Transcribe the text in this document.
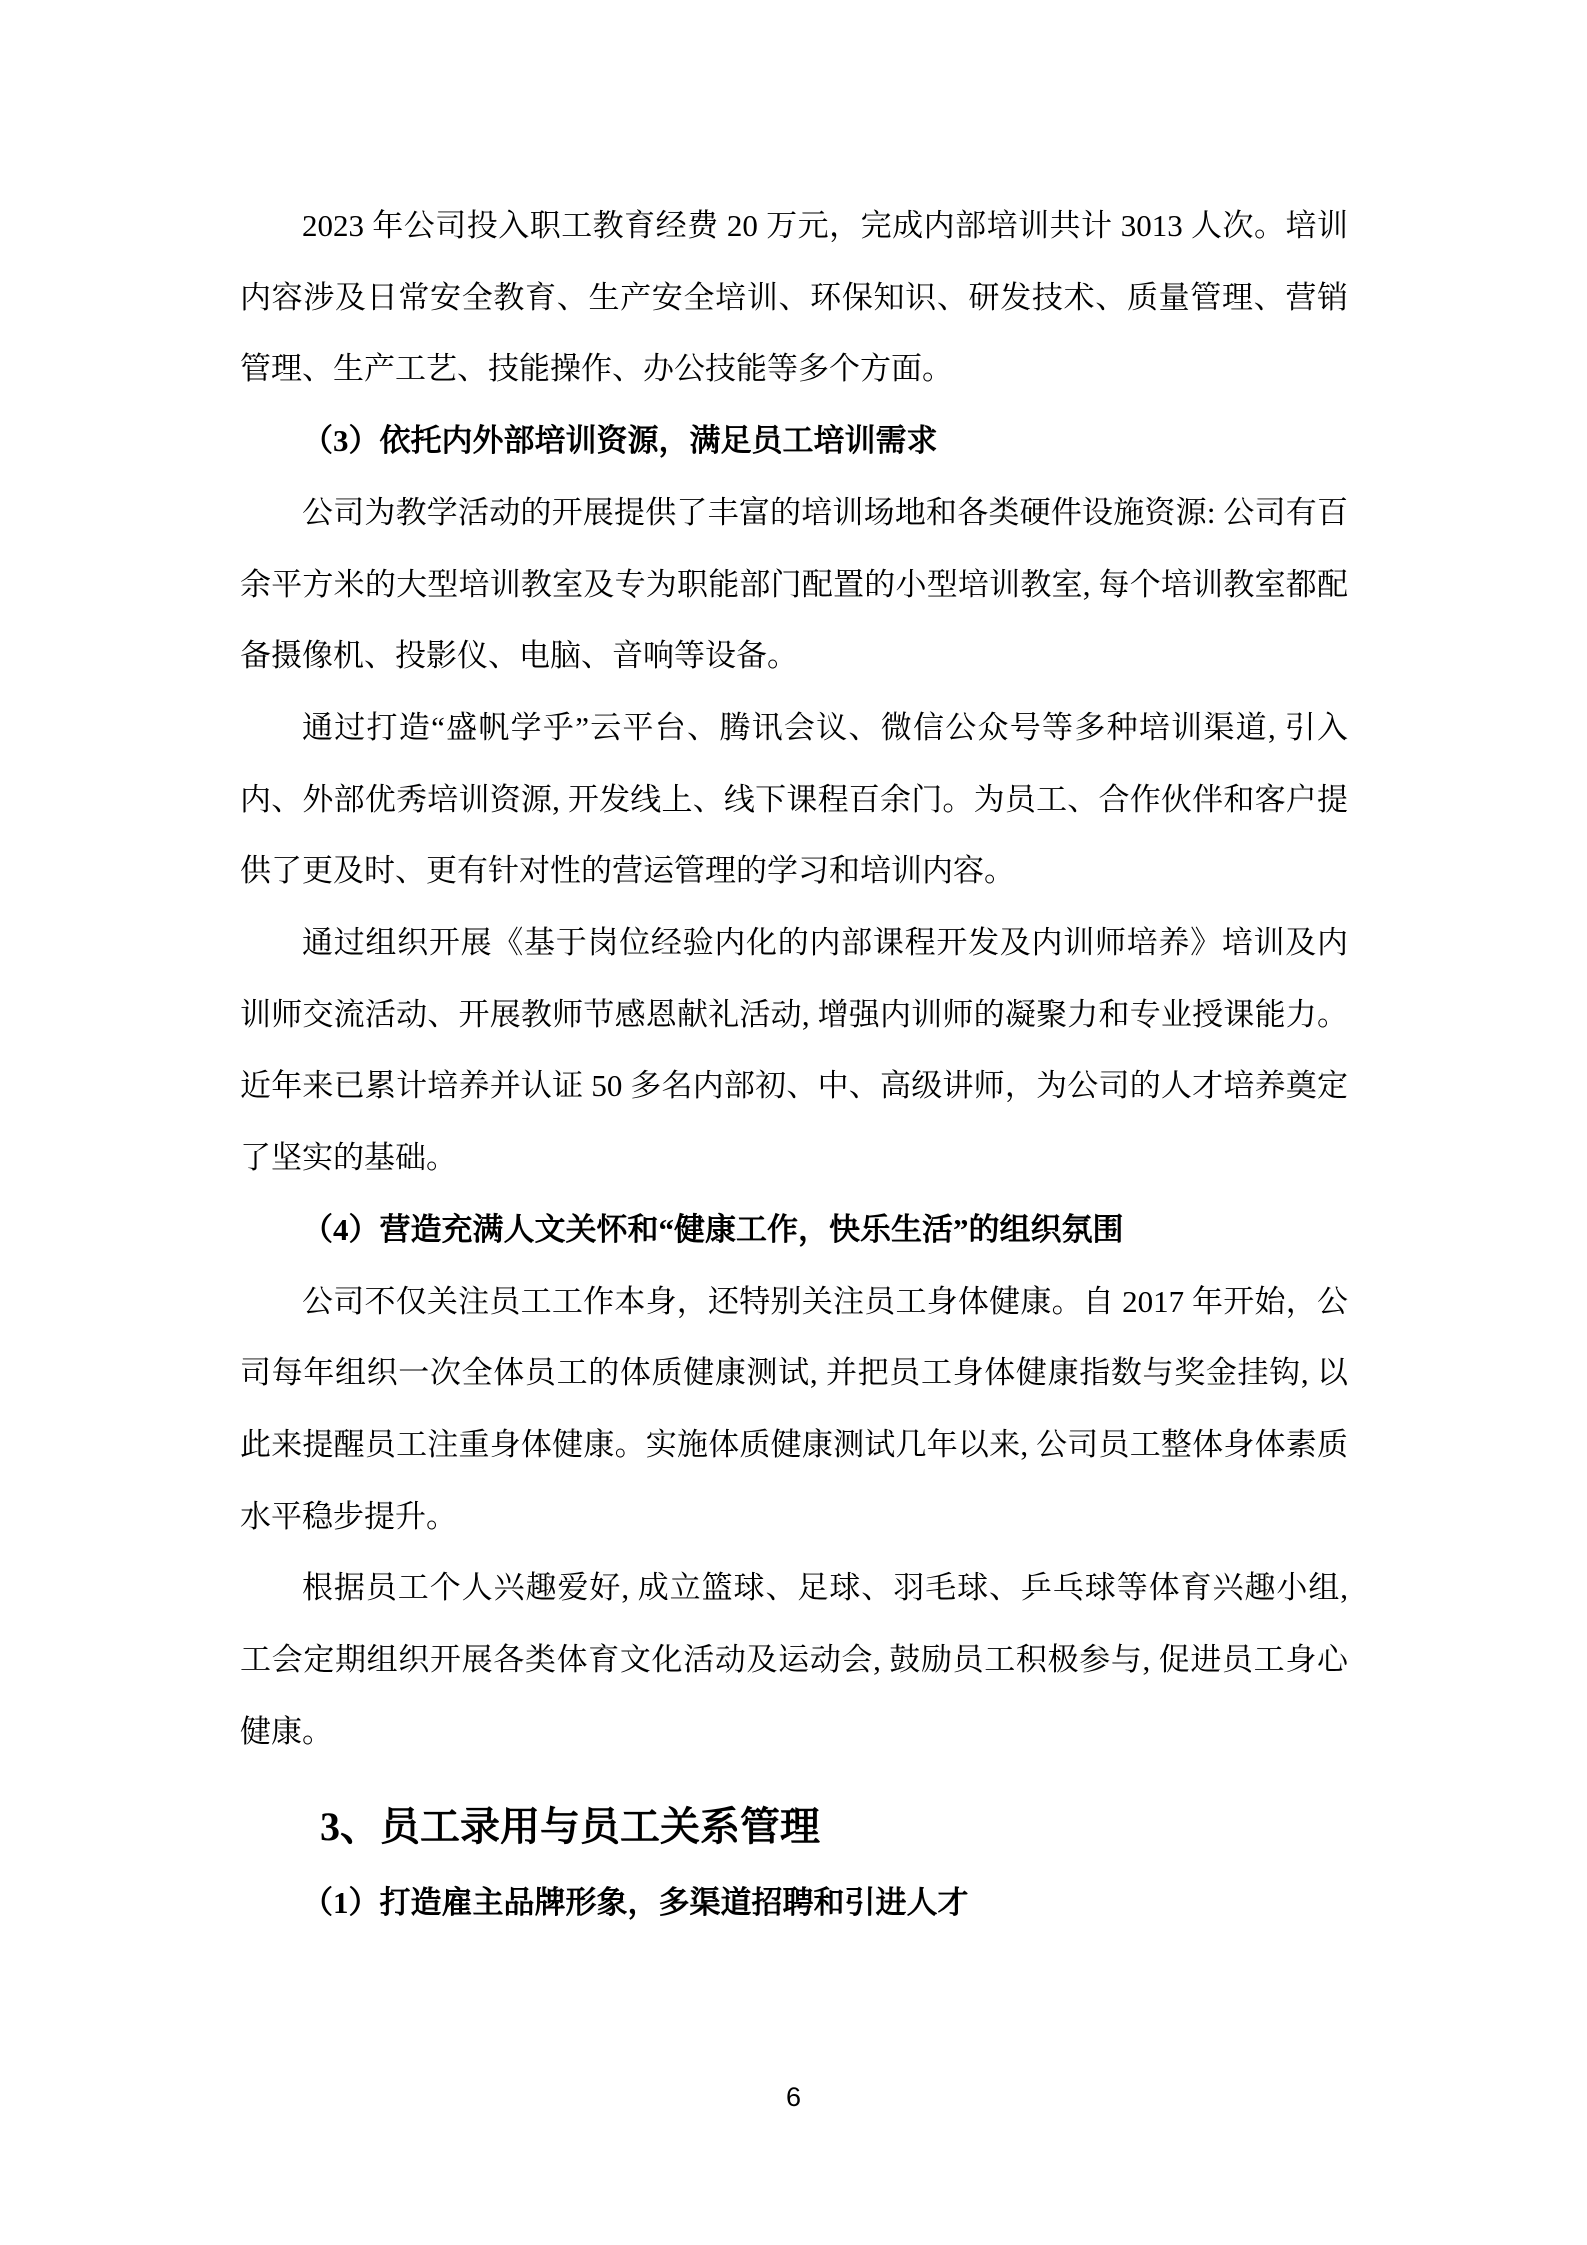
2023 年公司投入职工教育经费 20 万元，完成内部培训共计 3013 人次。培训内容涉及日常安全教育、生产安全培训、环保知识、研发技术、质量管理、营销管理、生产工艺、技能操作、办公技能等多个方面。

（3）依托内外部培训资源，满足员工培训需求

公司为教学活动的开展提供了丰富的培训场地和各类硬件设施资源: 公司有百余平方米的大型培训教室及专为职能部门配置的小型培训教室, 每个培训教室都配备摄像机、投影仪、电脑、音响等设备。

通过打造“盛帆学乎”云平台、腾讯会议、微信公众号等多种培训渠道, 引入内、外部优秀培训资源, 开发线上、线下课程百余门。为员工、合作伙伴和客户提供了更及时、更有针对性的营运管理的学习和培训内容。

通过组织开展《基于岗位经验内化的内部课程开发及内训师培养》培训及内训师交流活动、开展教师节感恩献礼活动, 增强内训师的凝聚力和专业授课能力。近年来已累计培养并认证 50 多名内部初、中、高级讲师，为公司的人才培养奠定了坚实的基础。

（4）营造充满人文关怀和“健康工作，快乐生活”的组织氛围

公司不仅关注员工工作本身，还特别关注员工身体健康。自 2017 年开始，公司每年组织一次全体员工的体质健康测试, 并把员工身体健康指数与奖金挂钩, 以此来提醒员工注重身体健康。实施体质健康测试几年以来, 公司员工整体身体素质水平稳步提升。

根据员工个人兴趣爱好, 成立篮球、足球、羽毛球、乒乓球等体育兴趣小组, 工会定期组织开展各类体育文化活动及运动会, 鼓励员工积极参与, 促进员工身心健康。

3、员工录用与员工关系管理

（1）打造雇主品牌形象，多渠道招聘和引进人才

6
